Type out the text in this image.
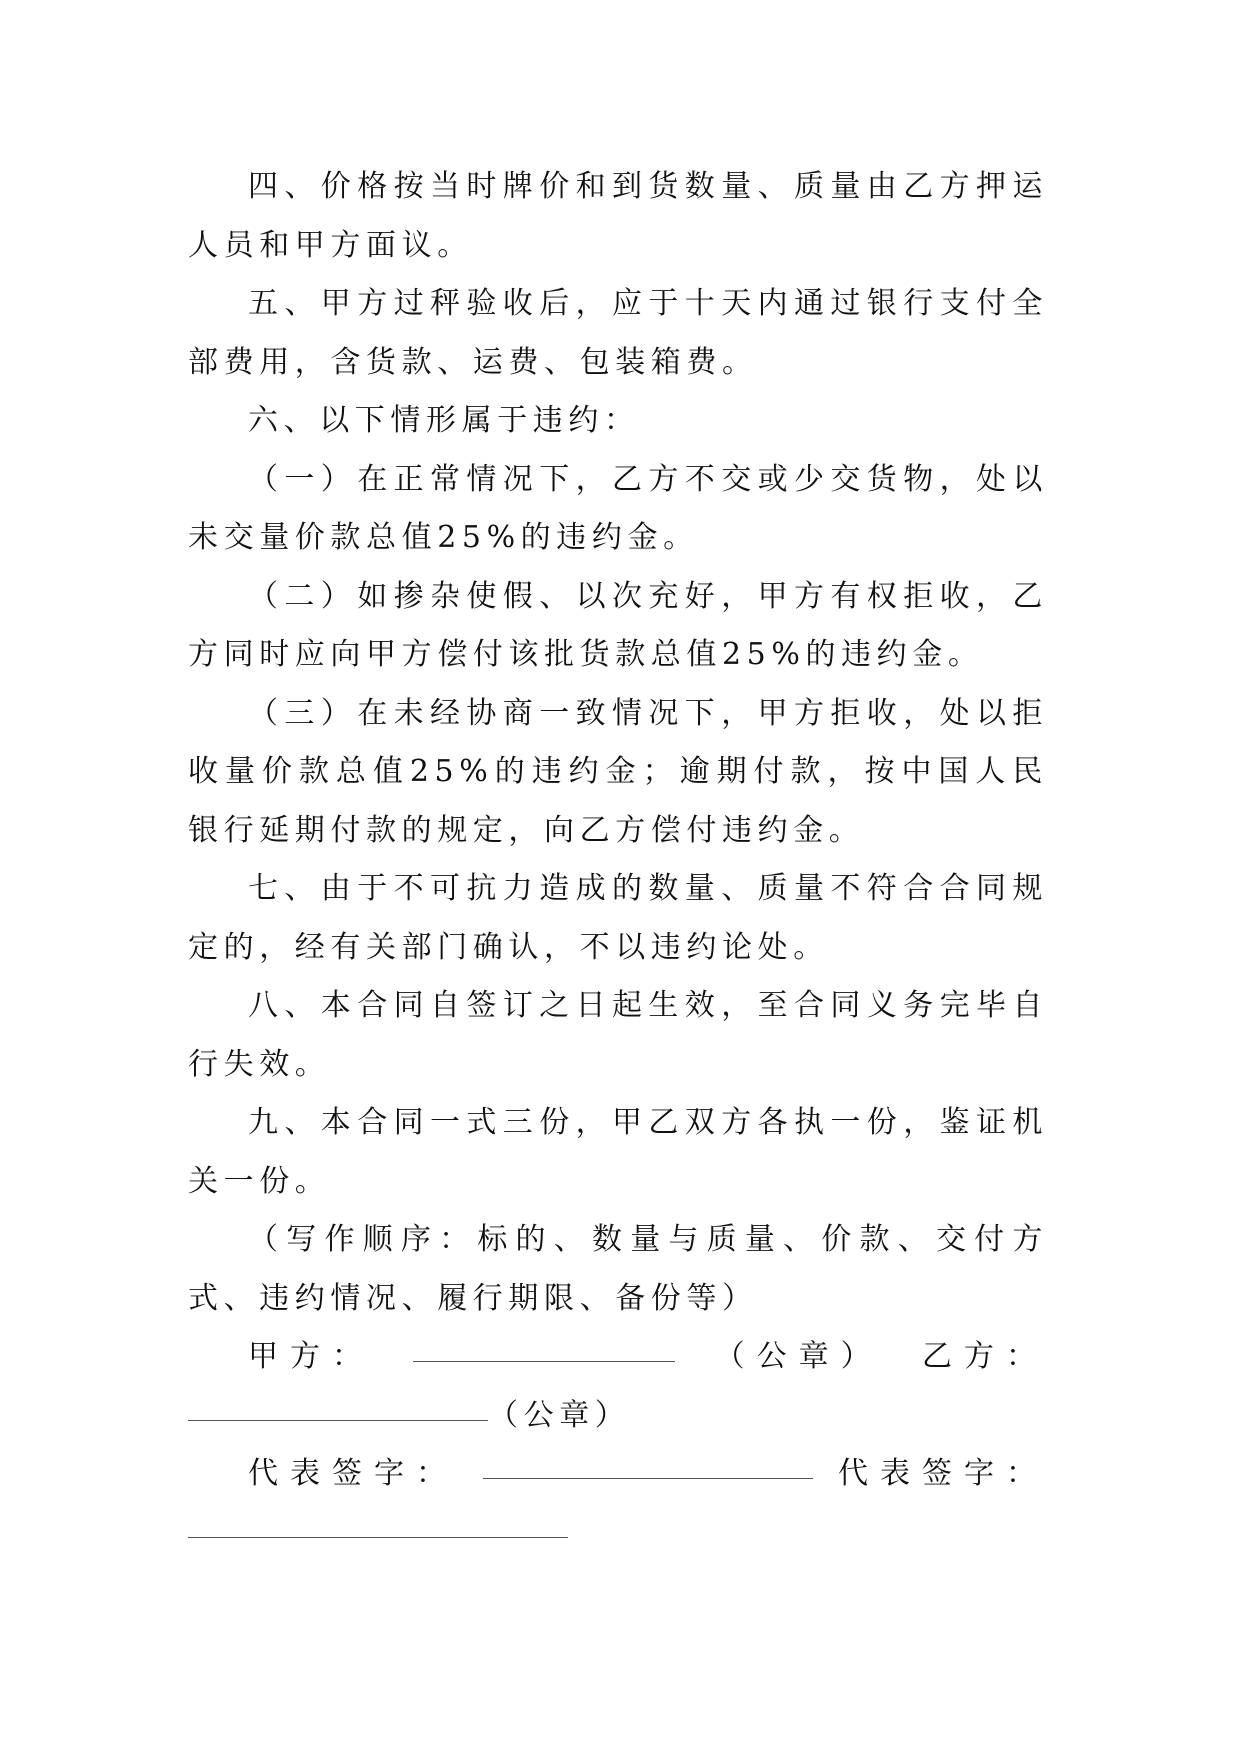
四、价格按当时牌价和到货数量、质量由乙方押运人员和甲方面议。

五、甲方过秤验收后，应于十天内通过银行支付全部费用，含货款、运费、包装箱费。

六、以下情形属于违约：

（一）在正常情况下，乙方不交或少交货物，处以未交量价款总值25%的违约金。

（二）如掺杂使假、以次充好，甲方有权拒收，乙方同时应向甲方偿付该批货款总值25%的违约金。

（三）在未经协商一致情况下，甲方拒收，处以拒收量价款总值25%的违约金；逾期付款，按中国人民银行延期付款的规定，向乙方偿付违约金。

七、由于不可抗力造成的数量、质量不符合合同规定的，经有关部门确认，不以违约论处。

八、本合同自签订之日起生效，至合同义务完毕自行失效。

九、本合同一式三份，甲乙双方各执一份，鉴证机关一份。

（写作顺序：标的、数量与质量、价款、交付方式、违约情况、履行期限、备份等）

甲方：	（公章） 乙方：
（公章）
代表签字：	代表签字：
